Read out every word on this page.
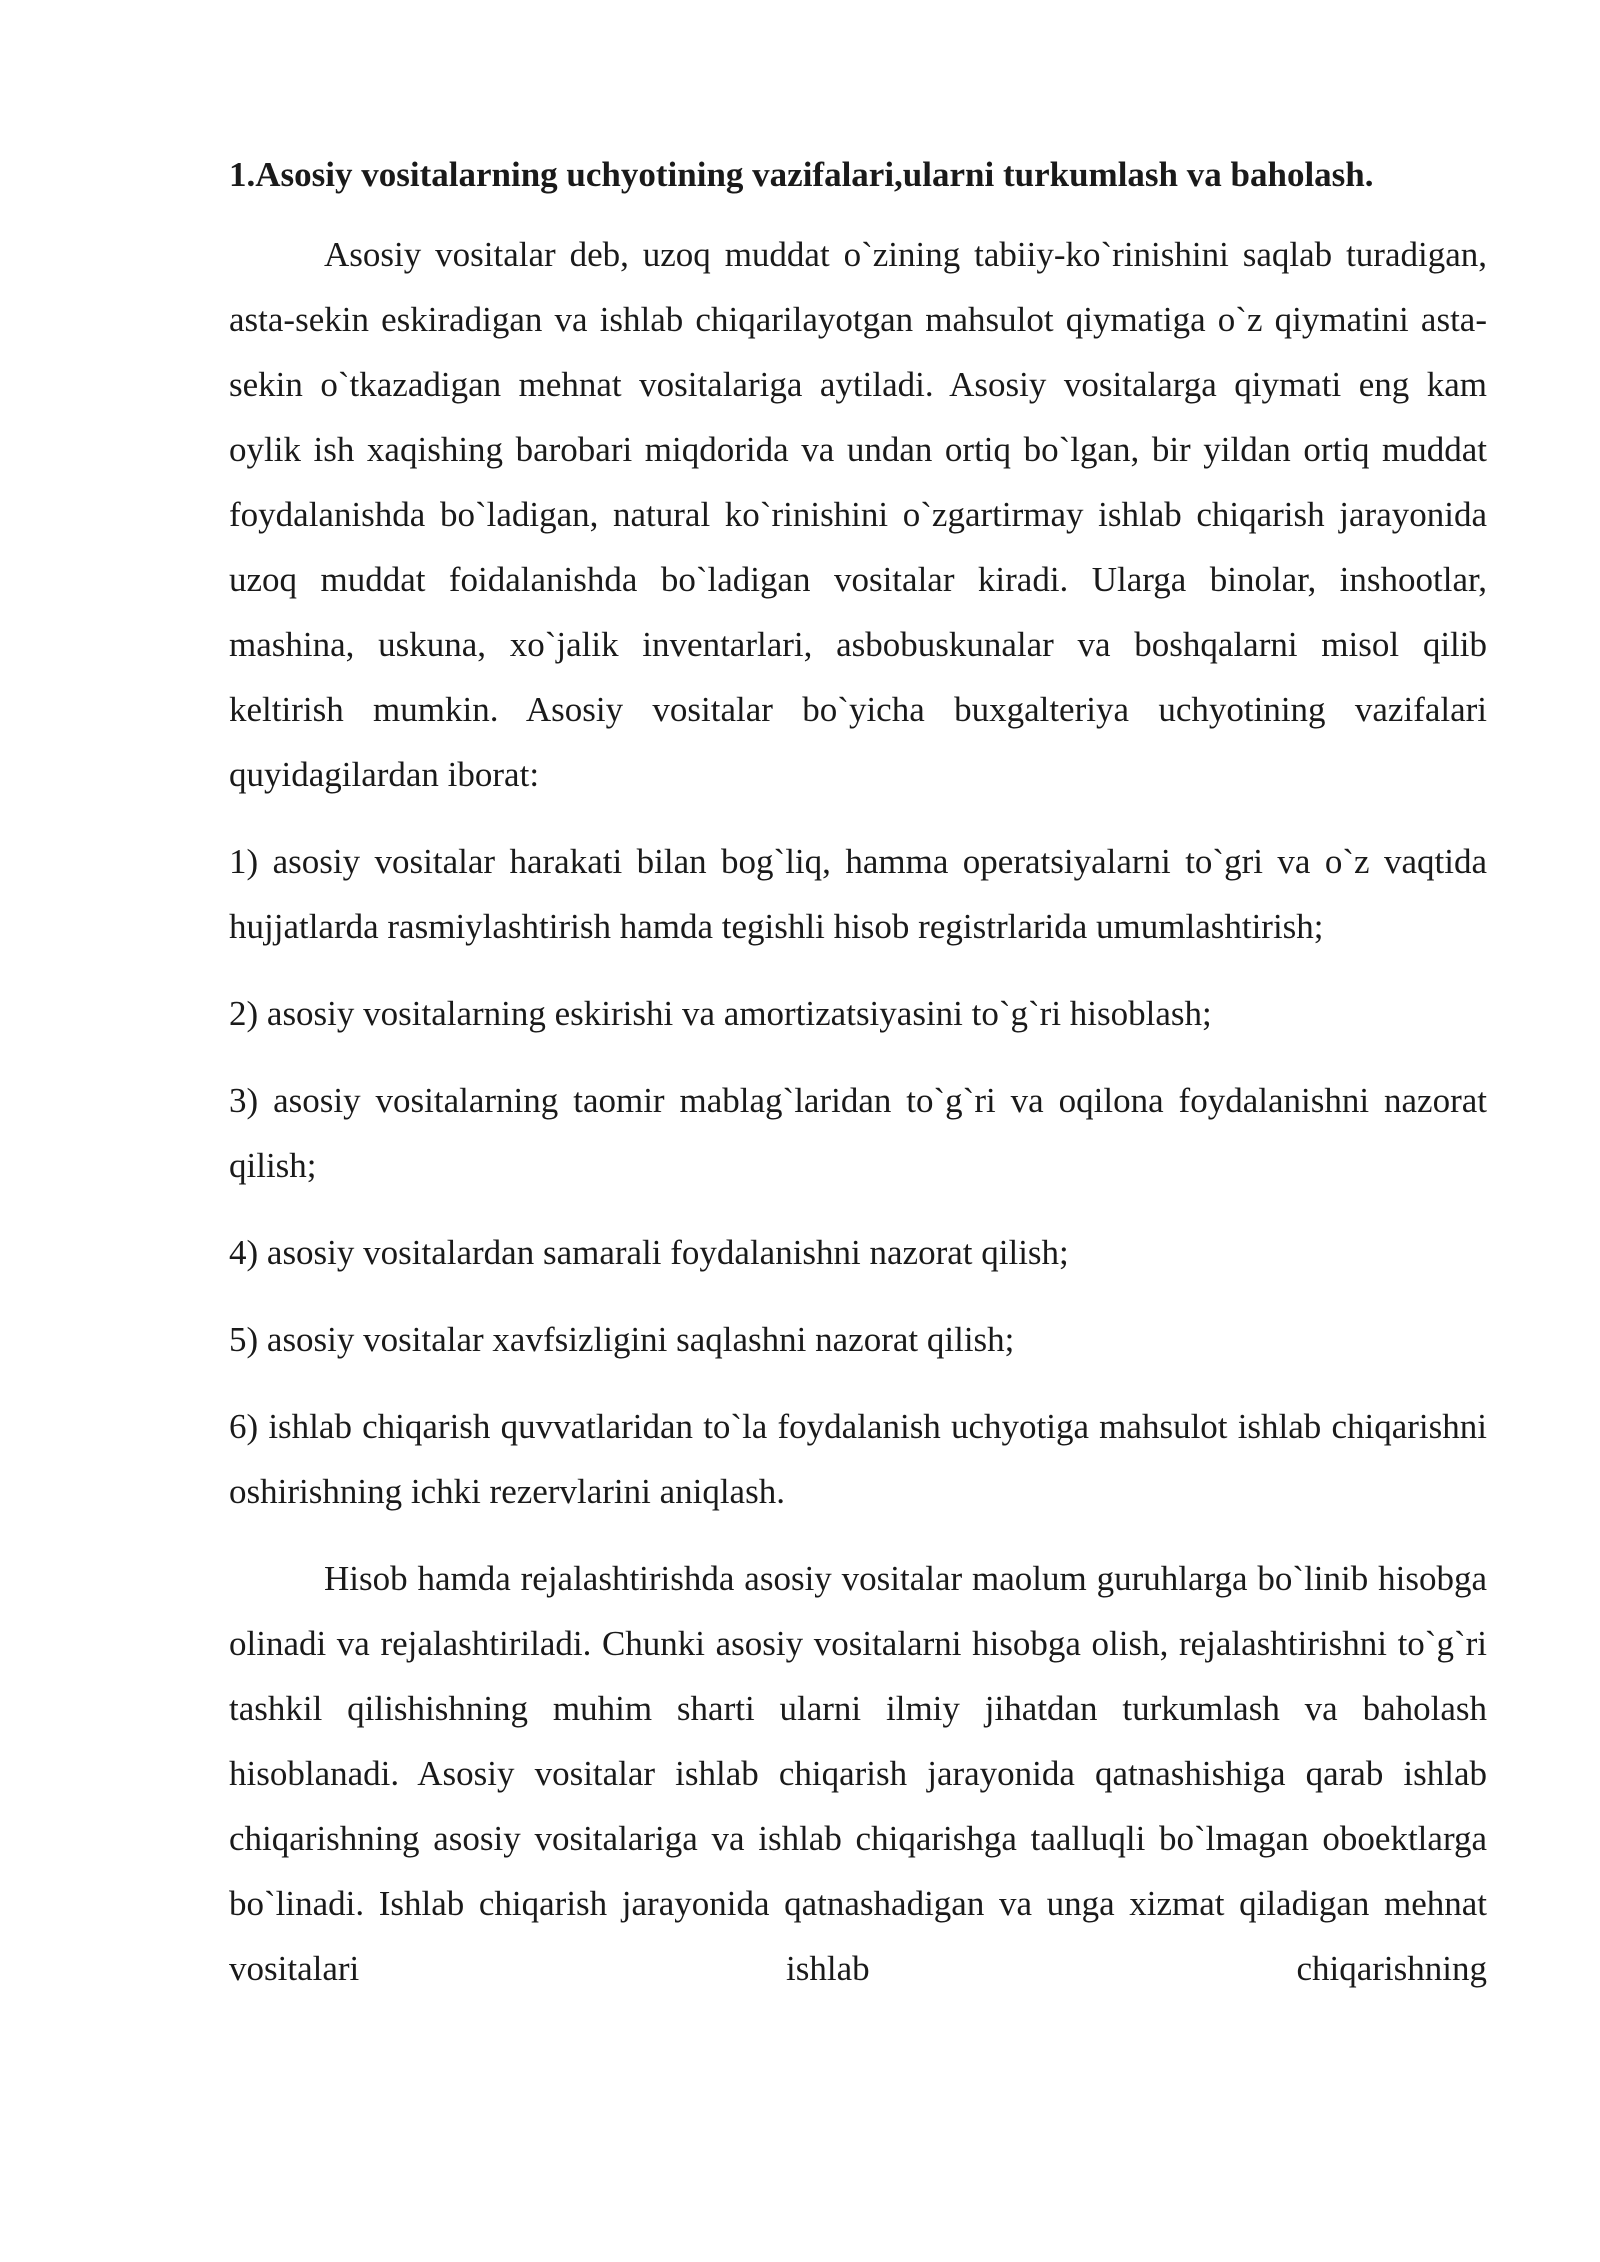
1.Asosiy vositalarning uchyotining vazifalari,ularni turkumlash va baholash.

Asosiy vositalar deb, uzoq muddat o`zining tabiiy-ko`rinishini saqlab turadigan, asta-sekin eskiradigan va ishlab chiqarilayotgan mahsulot qiymatiga o`z qiymatini asta-sekin o`tkazadigan mehnat vositalariga aytiladi. Asosiy vositalarga qiymati eng kam oylik ish xaqishing barobari miqdorida va undan ortiq bo`lgan, bir yildan ortiq muddat foydalanishda bo`ladigan, natural ko`rinishini o`zgartirmay ishlab chiqarish jarayonida uzoq muddat foidalanishda bo`ladigan vositalar kiradi. Ularga binolar, inshootlar, mashina, uskuna, xo`jalik inventarlari, asbobuskunalar va boshqalarni misol qilib keltirish mumkin. Asosiy vositalar bo`yicha buxgalteriya uchyotining vazifalari quyidagilardan iborat:

1) asosiy vositalar harakati bilan bog`liq, hamma operatsiyalarni to`gri va o`z vaqtida hujjatlarda rasmiylashtirish hamda tegishli hisob registrlarida umumlashtirish;

2) asosiy vositalarning eskirishi va amortizatsiyasini to`g`ri hisoblash;

3) asosiy vositalarning taomir mablag`laridan to`g`ri va oqilona foydalanishni nazorat qilish;

4) asosiy vositalardan samarali foydalanishni nazorat qilish;

5) asosiy vositalar xavfsizligini saqlashni nazorat qilish;

6) ishlab chiqarish quvvatlaridan to`la foydalanish uchyotiga mahsulot ishlab chiqarishni oshirishning ichki rezervlarini aniqlash.

Hisob hamda rejalashtirishda asosiy vositalar maolum guruhlarga bo`linib hisobga olinadi va rejalashtiriladi. Chunki asosiy vositalarni hisobga olish, rejalashtirishni to`g`ri tashkil qilishishning muhim sharti ularni ilmiy jihatdan turkumlash va baholash hisoblanadi. Asosiy vositalar ishlab chiqarish jarayonida qatnashishiga qarab ishlab chiqarishning asosiy vositalariga va ishlab chiqarishga taalluqli bo`lmagan oboektlarga bo`linadi. Ishlab chiqarish jarayonida qatnashadigan va unga xizmat qiladigan mehnat vositalari ishlab chiqarishning
